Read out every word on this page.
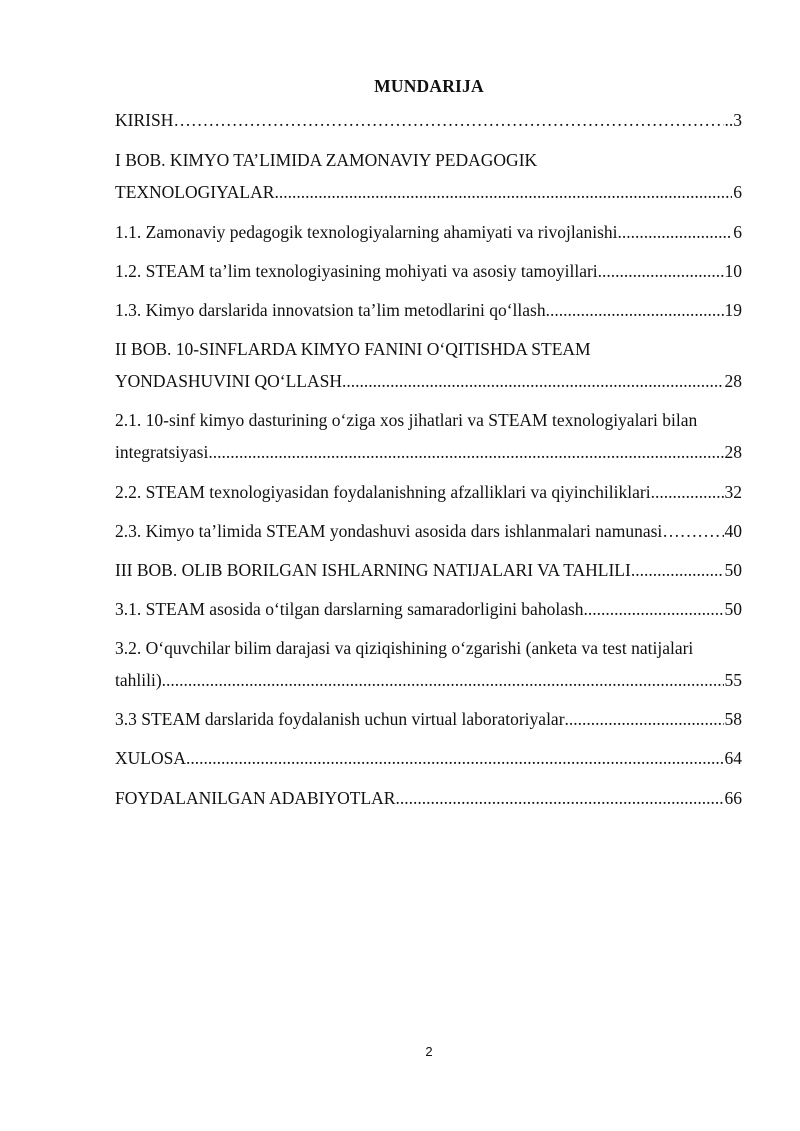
MUNDARIJA
KIRISH ……………………………………………………………………………………………………………………………………	.. 3
I BOB. KIMYO TA’LIMIDA ZAMONAVIY PEDAGOGIK
TEXNOLOGIYALAR .....	6
1.1. Zamonaviy pedagogik texnologiyalarning ahamiyati va rivojlanishi .....	6
1.2. STEAM ta’lim texnologiyasining mohiyati va asosiy tamoyillari .....	10
1.3. Kimyo darslarida innovatsion ta’lim metodlarini qo‘llash .....	19
II BOB. 10-SINFLARDA KIMYO FANINI O‘QITISHDA STEAM
YONDASHUVINI QO‘LLASH .....	28
2.1. 10-sinf kimyo dasturining o‘ziga xos jihatlari va STEAM texnologiyalari bilan
integratsiyasi .....	28
2.2. STEAM texnologiyasidan foydalanishning afzalliklari va qiyinchiliklari .....	32
2.3. Kimyo ta’limida STEAM yondashuvi asosida dars ishlanmalari namunasi ……………………………………………………………………………………………………………………………………	40
III BOB. OLIB BORILGAN ISHLARNING NATIJALARI VA TAHLILI .....	50
3.1. STEAM asosida o‘tilgan darslarning samaradorligini baholash .....	50
3.2. O‘quvchilar bilim darajasi va qiziqishining o‘zgarishi (anketa va test natijalari
tahlili) .....	55
3.3 STEAM darslarida foydalanish uchun virtual laboratoriyalar .....	58
XULOSA .....	64
FOYDALANILGAN ADABIYOTLAR .....	66
2
